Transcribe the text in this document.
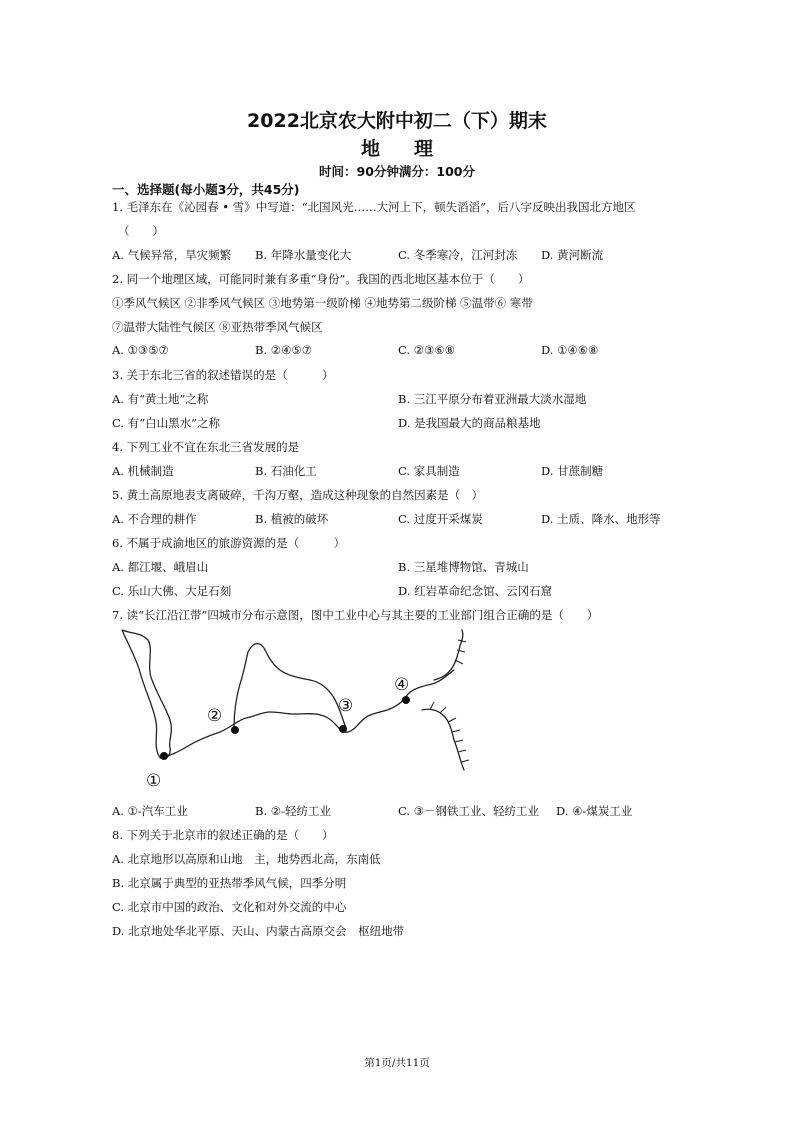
2022北京农大附中初二（下）期末
地理
时间：90分钟满分：100分
一、选择题(每小题3分，共45分)
1. 毛泽东在《沁园春 • 雪》中写道：“北国风光……大河上下，顿失滔滔”，后八字反映出我国北方地区
（　　）
A. 气候异常，旱灾频繁 B. 年降水量变化大	C. 冬季寒冷，江河封冻 D. 黄河断流
2. 同一个地理区域，可能同时兼有多重“身份”。我国的西北地区基本位于（　　）
①季风气候区 ②非季风气候区 ③地势第一级阶梯 ④地势第二级阶梯 ⑤温带⑥ 寒带
⑦温带大陆性气候区 ⑧亚热带季风气候区
A. ①③⑤⑦	B. ②④⑤⑦	C. ②③⑥⑧	D. ①④⑥⑧
3. 关于东北三省的叙述错误的是（　　　）
A. 有“黄土地”之称	B. 三江平原分布着亚洲最大淡水湿地
C. 有“白山黑水”之称	D. 是我国最大的商品粮基地
4. 下列工业不宜在东北三省发展的是
A. 机械制造	B. 石油化工	C. 家具制造	D. 甘蔗制糖
5. 黄土高原地表支离破碎，千沟万壑，造成这种现象的自然因素是（　）
A. 不合理的耕作	B. 植被的破坏	C. 过度开采煤炭	D. 土质、降水、地形等
6. 不属于成渝地区的旅游资源的是（　　　）
A. 都江堰、峨眉山	B. 三星堆博物馆、青城山
C. 乐山大佛、大足石刻	D. 红岩革命纪念馆、云冈石窟
7. 读“长江沿江带”四城市分布示意图，图中工业中心与其主要的工业部门组合正确的是（　　）
①
②	③
④
A. ①-汽车工业	B. ②-轻纺工业	C. ③－钢铁工业、轻纺工业 D. ④-煤炭工业
8. 下列关于北京市的叙述正确的是（　　）
A. 北京地形以高原和山地　主，地势西北高，东南低
B. 北京属于典型的亚热带季风气候，四季分明
C. 北京市中国的政治、文化和对外交流的中心
D. 北京地处华北平原、天山、内蒙古高原交会　枢纽地带
第1页/共11页
